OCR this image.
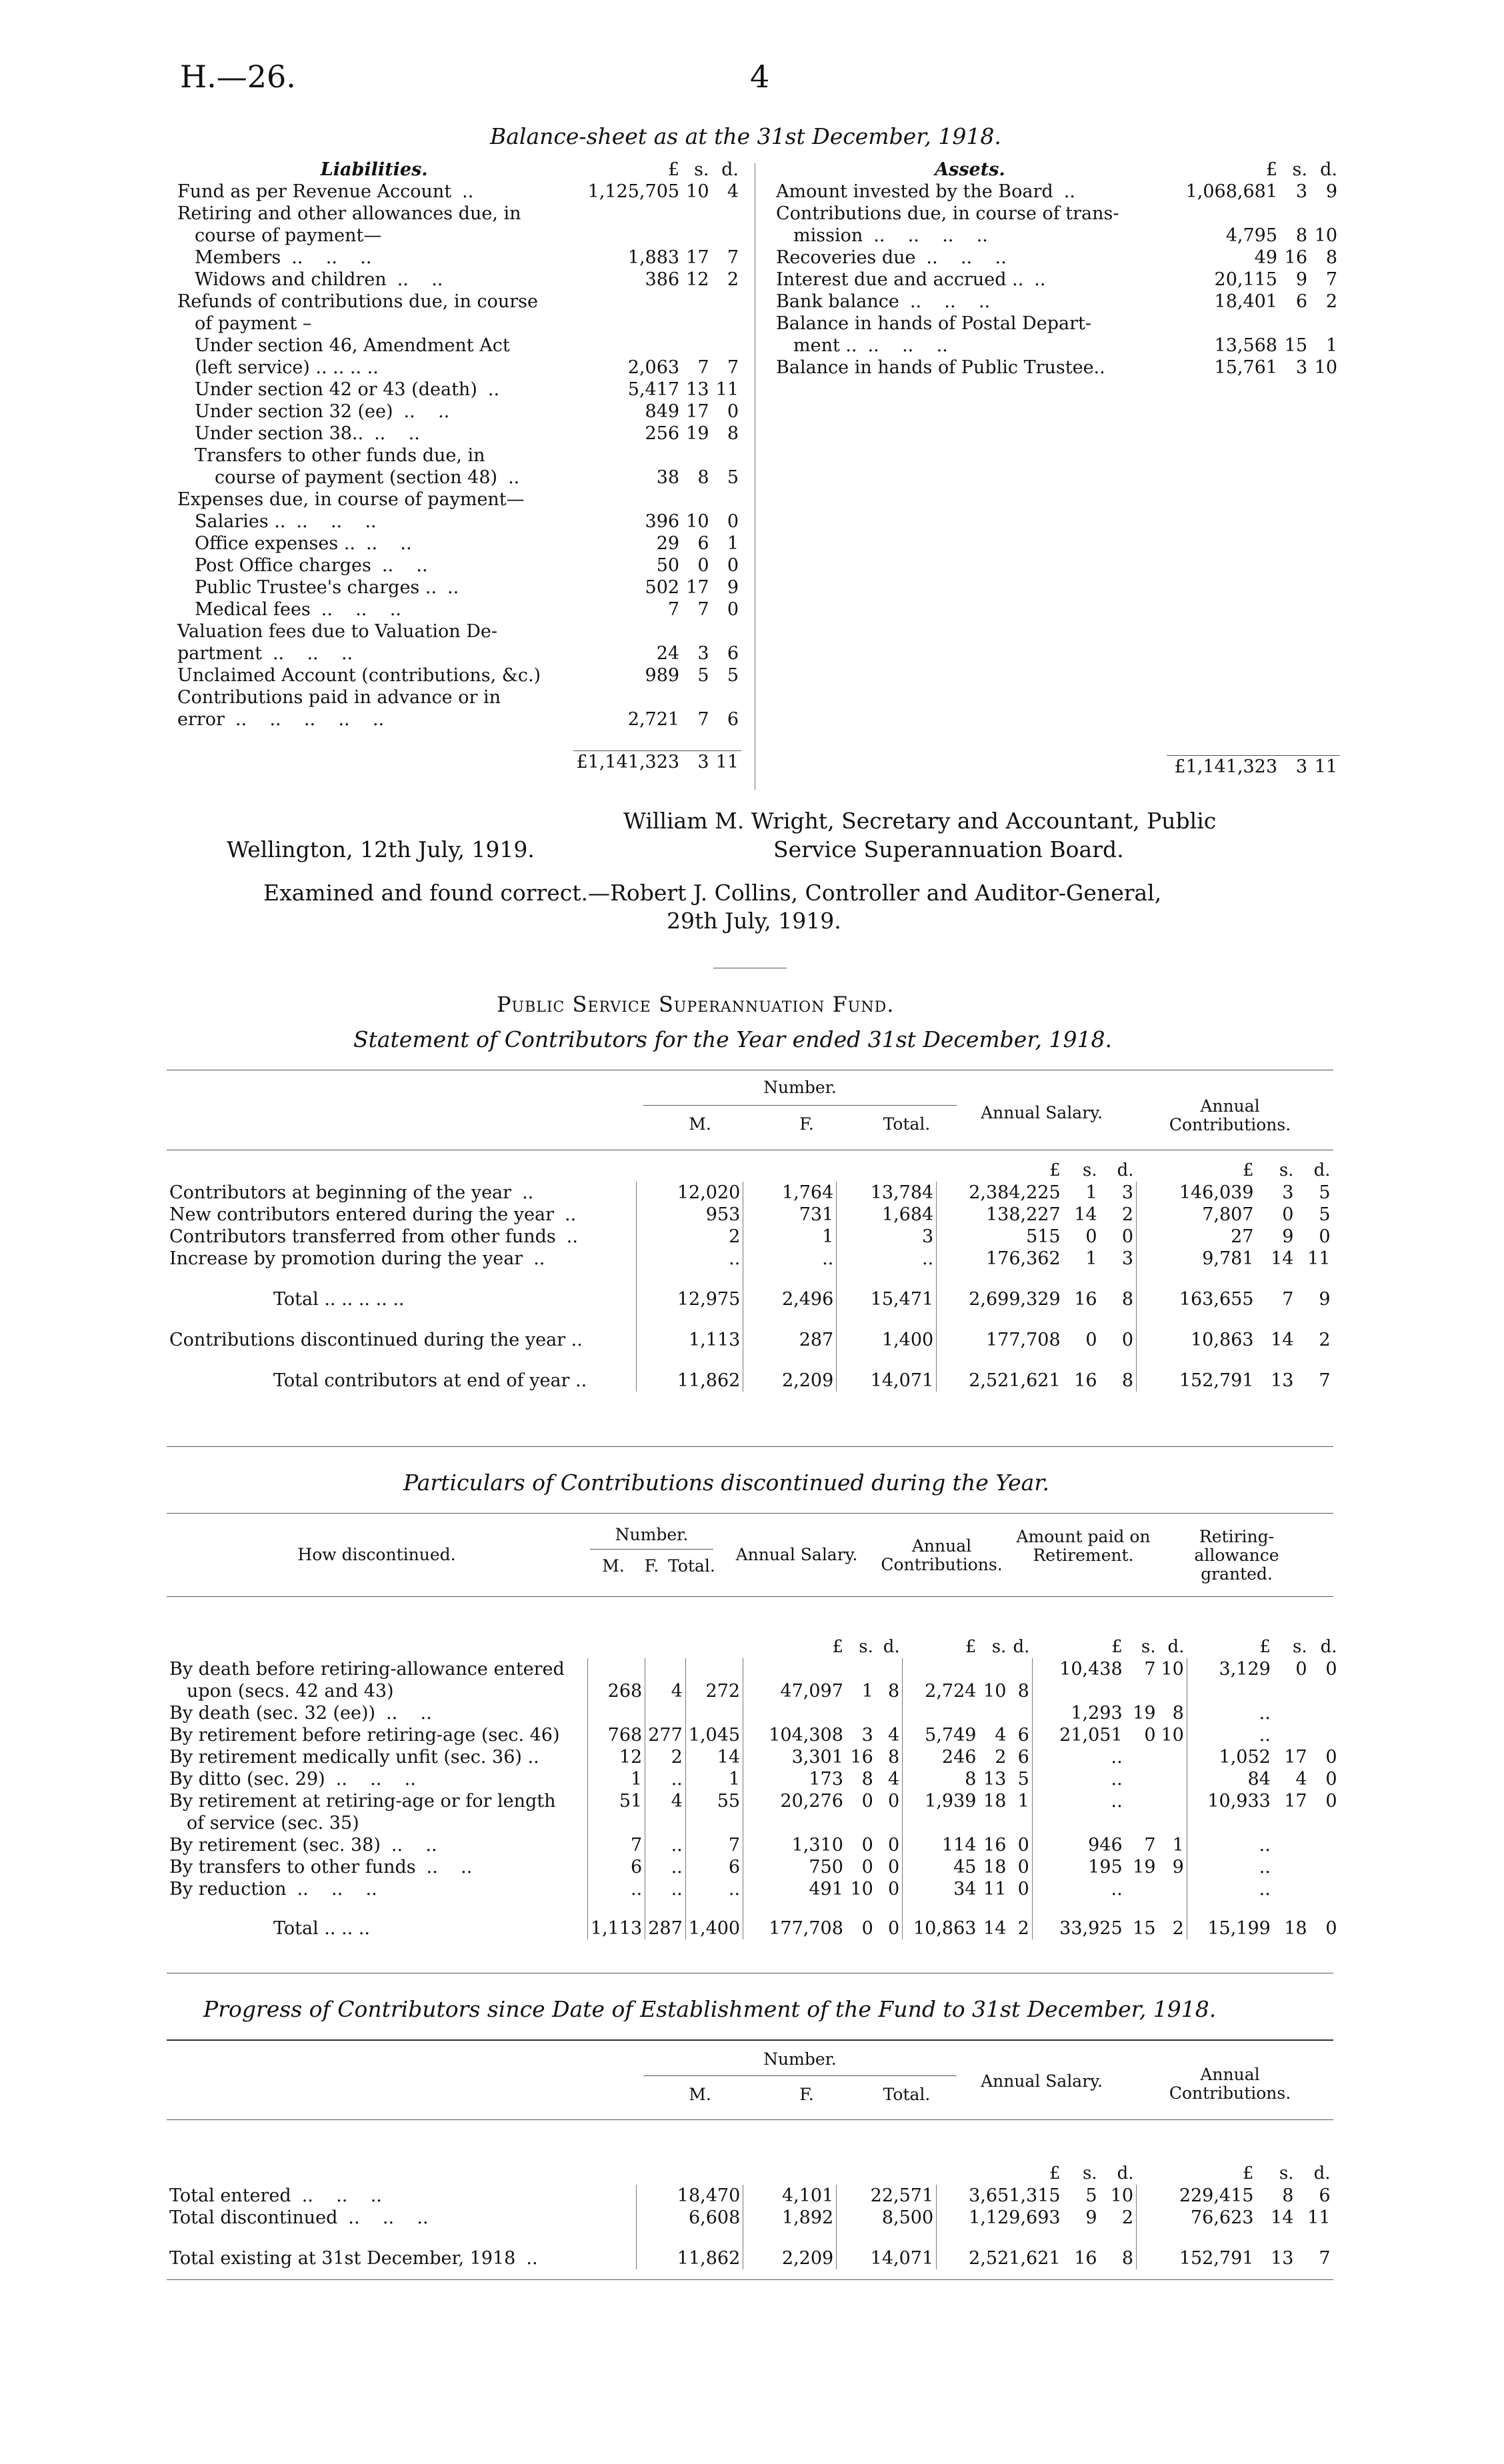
H.—26.	4
Balance-sheet as at the 31st December, 1918.
Liabilities.	£	s.	d.
Fund as per Revenue Account ..	1,125,705	10	4
Retiring and other allowances due, in			
course of payment—			
Members ..    ..    ..	1,883	17	7
Widows and children ..    ..	386	12	2
Refunds of contributions due, in course			
of payment –			
Under section 46, Amendment Act			
(left service) .. .. .. ..	2,063	7	7
Under section 42 or 43 (death) ..	5,417	13	11
Under section 32 (ee) ..    ..	849	17	0
Under section 38.. ..    ..	256	19	8
Transfers to other funds due, in			
course of payment (section 48) ..	38	8	5
Expenses due, in course of payment—			
Salaries .. ..    ..    ..	396	10	0
Office expenses .. ..    ..	29	6	1
Post Office charges ..    ..	50	0	0
Public Trustee's charges .. ..	502	17	9
Medical fees ..    ..    ..	7	7	0
Valuation fees due to Valuation De-			
partment ..    ..    ..	24	3	6
Unclaimed Account (contributions, &c.)	989	5	5
Contributions paid in advance or in			
error ..    ..    ..    ..    ..	2,721	7	6

	£1,141,323	3	11
Assets.	£	s.	d.
Amount invested by the Board ..	1,068,681	3	9
Contributions due, in course of trans-			
mission ..    ..    ..    ..	4,795	8	10
Recoveries due ..    ..    ..	49	16	8
Interest due and accrued .. ..	20,115	9	7
Bank balance ..    ..    ..	18,401	6	2
Balance in hands of Postal Depart-			
ment .. ..    ..    ..	13,568	15	1
Balance in hands of Public Trustee..	15,761	3	10
	£1,141,323	3	11
William M. Wright, Secretary and Accountant, Public
Wellington, 12th July, 1919.	Service Superannuation Board.
Examined and found correct.—Robert J. Collins, Controller and Auditor-General,
29th July, 1919.
Public Service Superannuation Fund.
Statement of Contributors for the Year ended 31st December, 1918.
Number.
M.	F.	Total.
Annual Salary.	Annual Contributions.
				£	s.	d.	£	s.	d.
Contributors at beginning of the year ..	12,020	1,764	13,784	2,384,225	1	3	146,039	3	5
New contributors entered during the year ..	953	731	1,684	138,227	14	2	7,807	0	5
Contributors transferred from other funds ..	2	1	3	515	0	0	27	9	0
Increase by promotion during the year ..	..	..	..	176,362	1	3	9,781	14	11
Total .. .. .. .. ..	12,975	2,496	15,471	2,699,329	16	8	163,655	7	9
Contributions discontinued during the year ..	1,113	287	1,400	177,708	0	0	10,863	14	2
Total contributors at end of year ..	11,862	2,209	14,071	2,521,621	16	8	152,791	13	7
Particulars of Contributions discontinued during the Year.
How discontinued.
Number.
M.	F. Total.
Annual Salary.	Annual Contributions.
Amount paid on Retirement.
Retiring-allowance granted.
				£	s.	d.	£	s.	d.	£	s.	d.	£	s.	d.
By death before retiring-allowance entered										10,438	7	10	3,129	0	0
upon (secs. 42 and 43)	268	4	272	47,097	1	8	2,724	10	8						
By death (sec. 32 (ee)) ..    ..										1,293	19	8	..		
By retirement before retiring-age (sec. 46)	768	277	1,045	104,308	3	4	5,749	4	6	21,051	0	10	..		
By retirement medically unfit (sec. 36) ..	12	2	14	3,301	16	8	246	2	6	..			1,052	17	0
By ditto (sec. 29) ..    ..    ..	1	..	1	173	8	4	8	13	5	..			84	4	0
By retirement at retiring-age or for length	51	4	55	20,276	0	0	1,939	18	1	..			10,933	17	0
of service (sec. 35)															
By retirement (sec. 38) ..    ..	7	..	7	1,310	0	0	114	16	0	946	7	1	..		
By transfers to other funds ..    ..	6	..	6	750	0	0	45	18	0	195	19	9	..		
By reduction ..    ..    ..	..	..	..	491	10	0	34	11	0	..			..		
Total .. .. ..	1,113	287	1,400	177,708	0	0	10,863	14	2	33,925	15	2	15,199	18	0
Progress of Contributors since Date of Establishment of the Fund to 31st December, 1918.
Number.
M.	F.	Total.
Annual Salary.	Annual Contributions.
				£	s.	d.	£	s.	d.
Total entered ..    ..    ..	18,470	4,101	22,571	3,651,315	5	10	229,415	8	6
Total discontinued ..    ..    ..	6,608	1,892	8,500	1,129,693	9	2	76,623	14	11
Total existing at 31st December, 1918 ..	11,862	2,209	14,071	2,521,621	16	8	152,791	13	7
